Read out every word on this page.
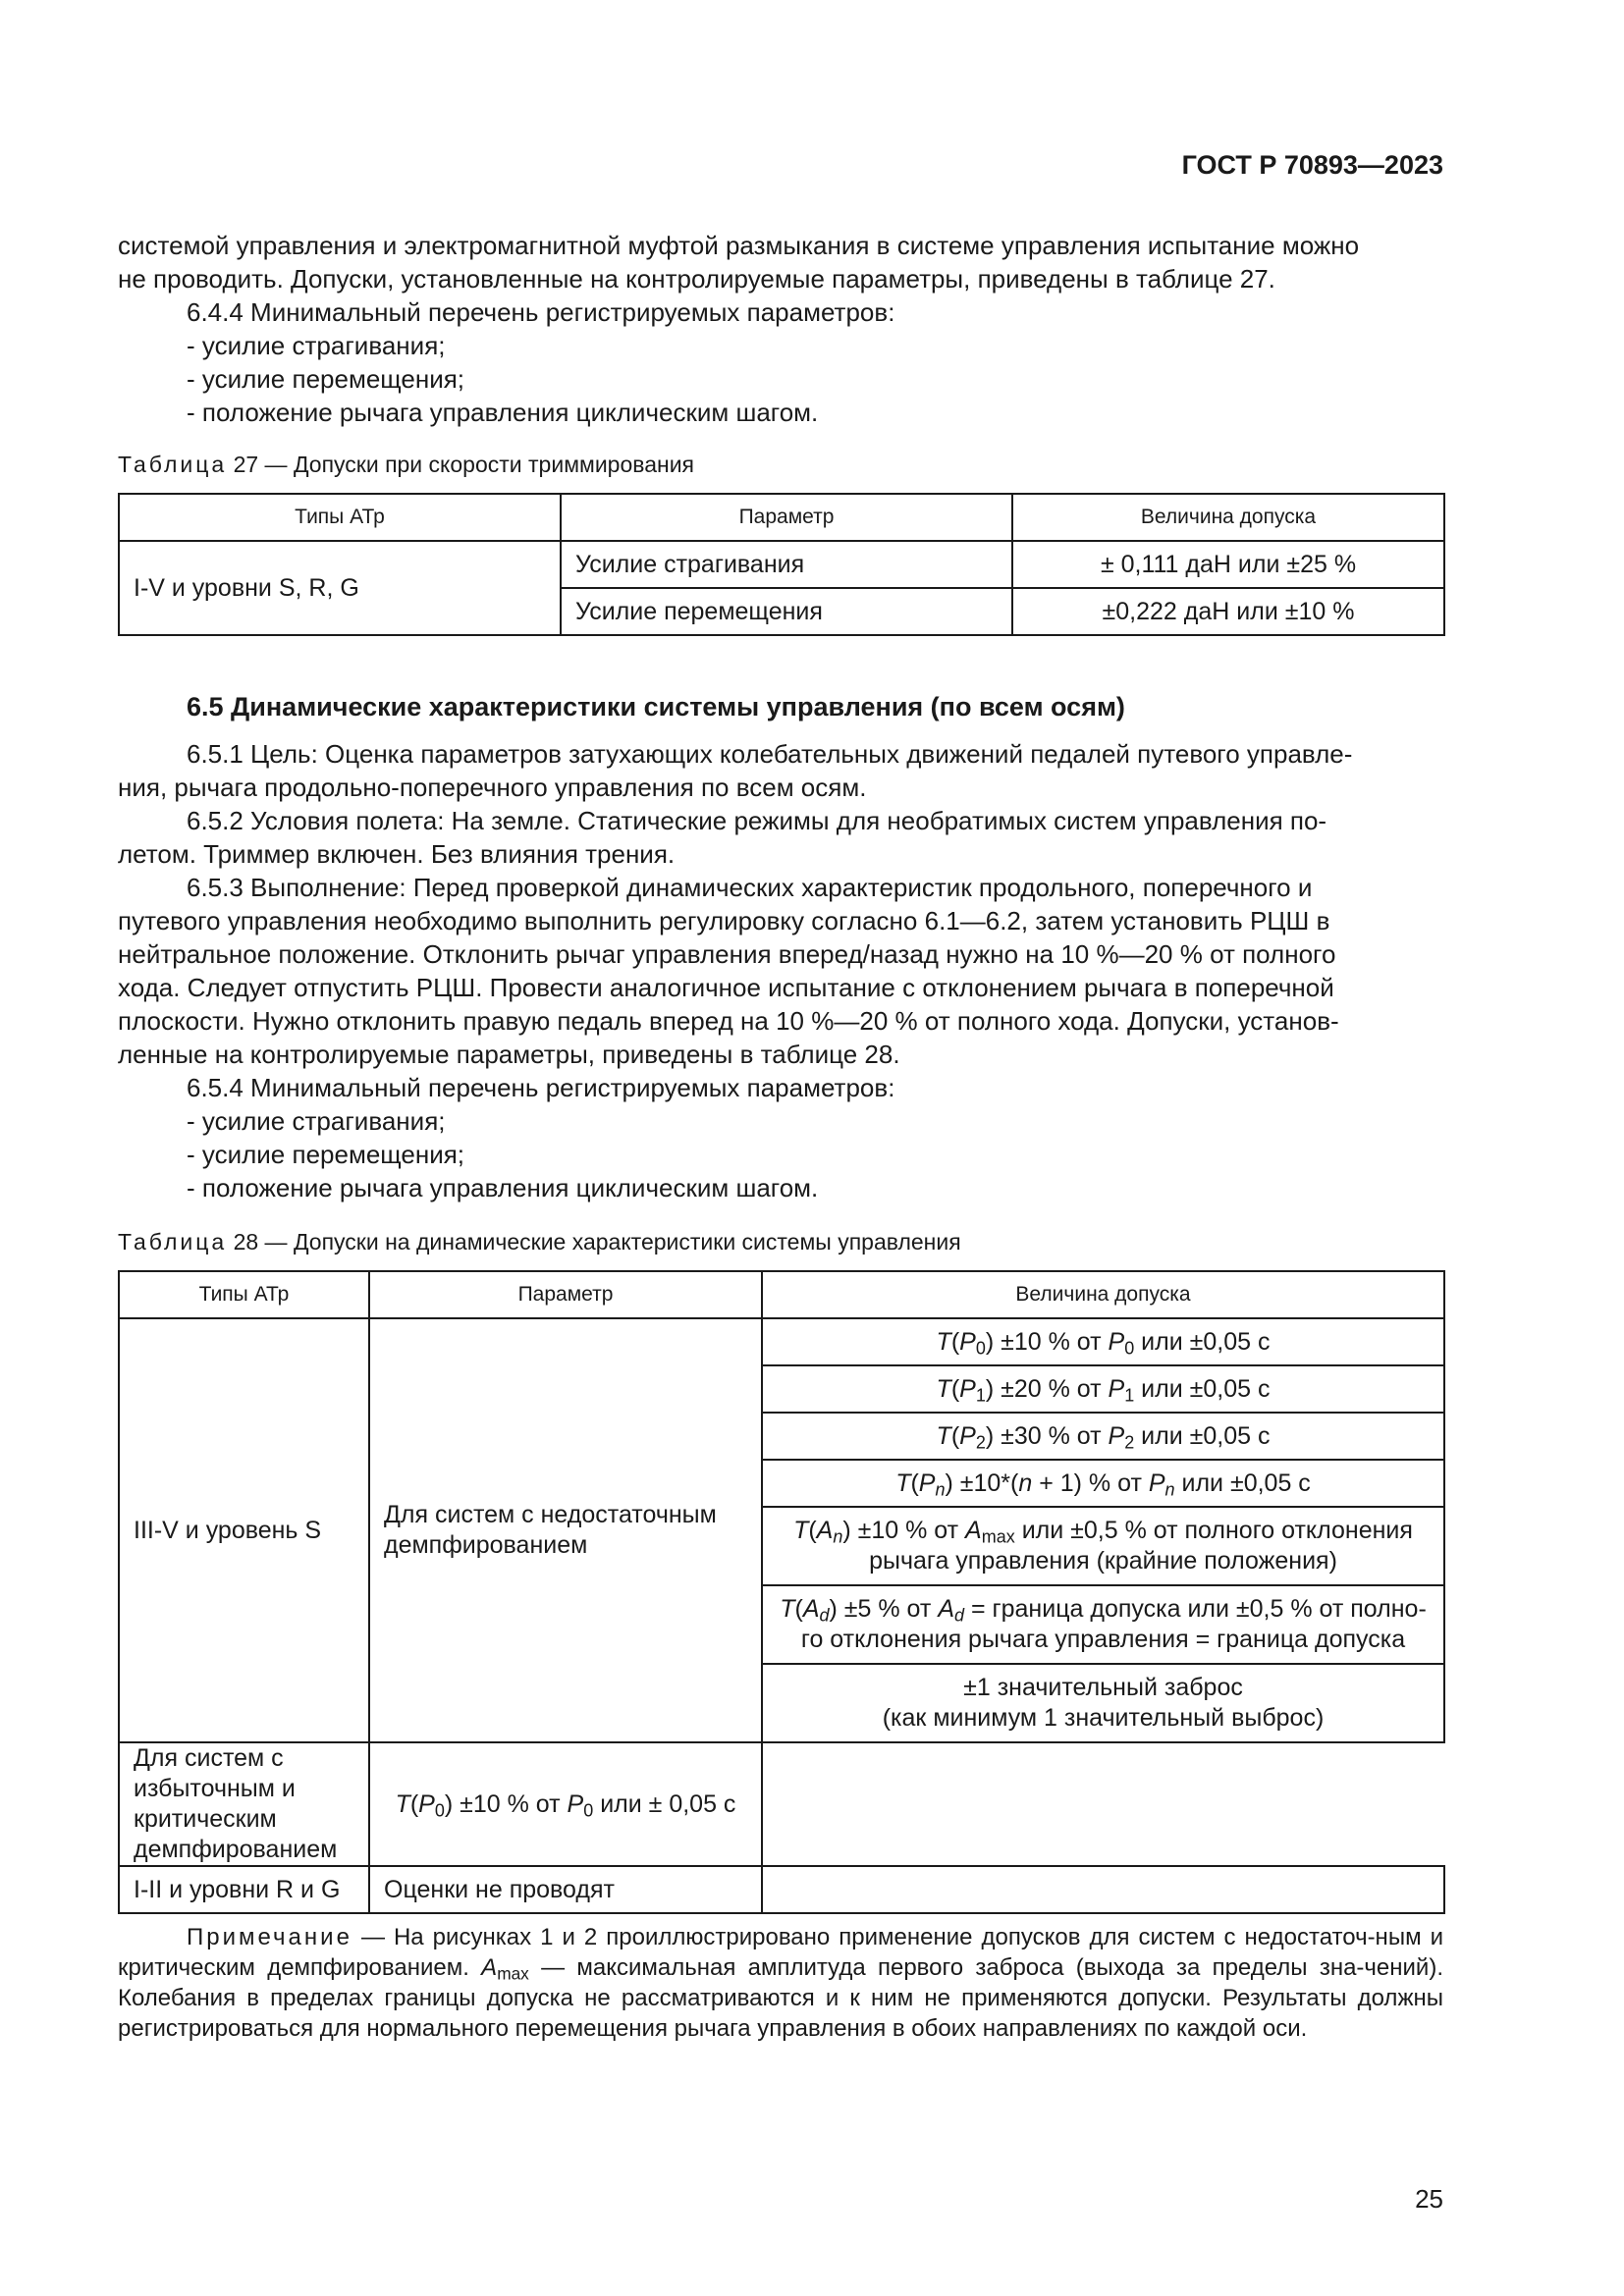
ГОСТ Р 70893—2023

системой управления и электромагнитной муфтой размыкания в системе управления испытание можно

не проводить. Допуски, установленные на контролируемые параметры, приведены в таблице 27.

6.4.4 Минимальный перечень регистрируемых параметров:

- усилие страгивания;

- усилие перемещения;

- положение рычага управления циклическим шагом.

Таблица 27 — Допуски при скорости триммирования
Типы АТр	Параметр	Величина допуска
I-V и уровни S, R, G	Усилие страгивания	± 0,111 даН или ±25 %
	Усилие перемещения	±0,222 даН или ±10 %
6.5 Динамические характеристики системы управления (по всем осям)

6.5.1 Цель: Оценка параметров затухающих колебательных движений педалей путевого управле-

ния, рычага продольно-поперечного управления по всем осям.

6.5.2 Условия полета: На земле. Статические режимы для необратимых систем управления по-

летом. Триммер включен. Без влияния трения.

6.5.3 Выполнение: Перед проверкой динамических характеристик продольного, поперечного и

путевого управления необходимо выполнить регулировку согласно 6.1—6.2, затем установить РЦШ в

нейтральное положение. Отклонить рычаг управления вперед/назад нужно на 10 %—20 % от полного

хода. Следует отпустить РЦШ. Провести аналогичное испытание с отклонением рычага в поперечной

плоскости. Нужно отклонить правую педаль вперед на 10 %—20 % от полного хода. Допуски, установ-

ленные на контролируемые параметры, приведены в таблице 28.

6.5.4 Минимальный перечень регистрируемых параметров:

- усилие страгивания;

- усилие перемещения;

- положение рычага управления циклическим шагом.

Таблица 28 — Допуски на динамические характеристики системы управления
Типы АТр	Параметр	Величина допуска
III-V и уровень S	Для систем с недостаточным демпфированием	$T(P_0) \pm 10$ % от $P_0$ или ±0,05 с
		$T(P_1) \pm 20$ % от $P_1$ или ±0,05 с
		$T(P_2) \pm 30$ % от $P_2$ или ±0,05 с
		$T(P_n) \pm 10*(n + 1)$ % от $P_n$ или ±0,05 с
		$T(A_n) \pm 10$ % от $A_{max}$ или ±0,5 % от полного отклонения
рычага управления (крайние положения)
		$T(A_d) \pm 5$ % от $A_d$ = граница допуска или ±0,5 % от полно-
го отклонения рычага управления = граница допуска
		±1 значительный заброс
(как минимум 1 значительный выброс)
Для систем с избыточным и критическим демпфированием	$T(P_0) \pm 10$ % от $P_0$ или ± 0,05 с	
I-II и уровни R и G	Оценки не проводят	

Примечание — На рисунках 1 и 2 проиллюстрировано применение допусков для систем с недостаточ-ным и критическим демпфированием. $A_{max}$ — максимальная амплитуда первого заброса (выхода за пределы зна-чений). Колебания в пределах границы допуска не рассматриваются и к ним не применяются допуски. Результаты должны регистрироваться для нормального перемещения рычага управления в обоих направлениях по каждой оси.

25
